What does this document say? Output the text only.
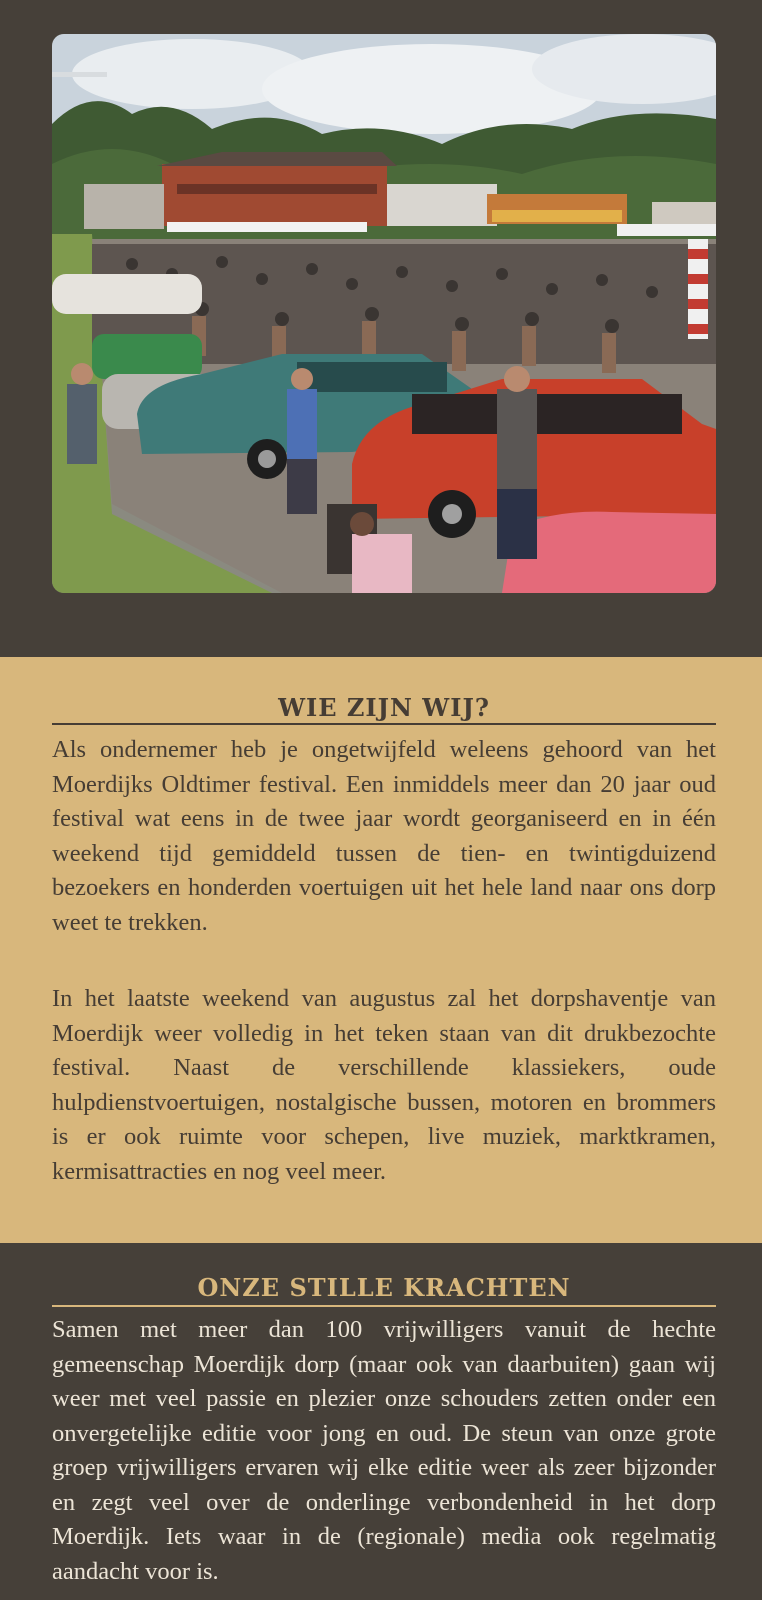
WIE ZIJN WIJ?

Als ondernemer heb je ongetwijfeld weleens gehoord van het Moerdijks Oldtimer festival. Een inmiddels meer dan 20 jaar oud festival wat eens in de twee jaar wordt georganiseerd en in één weekend tijd gemiddeld tussen de tien- en twintigduizend bezoekers en honderden voertuigen uit het hele land naar ons dorp weet te trekken.

In het laatste weekend van augustus zal het dorpshaventje van Moerdijk weer volledig in het teken staan van dit drukbezochte festival. Naast de verschillende klassiekers, oude hulpdienstvoertuigen, nostalgische bussen, motoren en brommers is er ook ruimte voor schepen, live muziek, marktkramen, kermisattracties en nog veel meer.

ONZE STILLE KRACHTEN

Samen met meer dan 100 vrijwilligers vanuit de hechte gemeenschap Moerdijk dorp (maar ook van daarbuiten) gaan wij weer met veel passie en plezier onze schouders zetten onder een onvergetelijke editie voor jong en oud. De steun van onze grote groep vrijwilligers ervaren wij elke editie weer als zeer bijzonder en zegt veel over de onderlinge verbondenheid in het dorp Moerdijk. Iets waar in de (regionale) media ook regelmatig aandacht voor is.
